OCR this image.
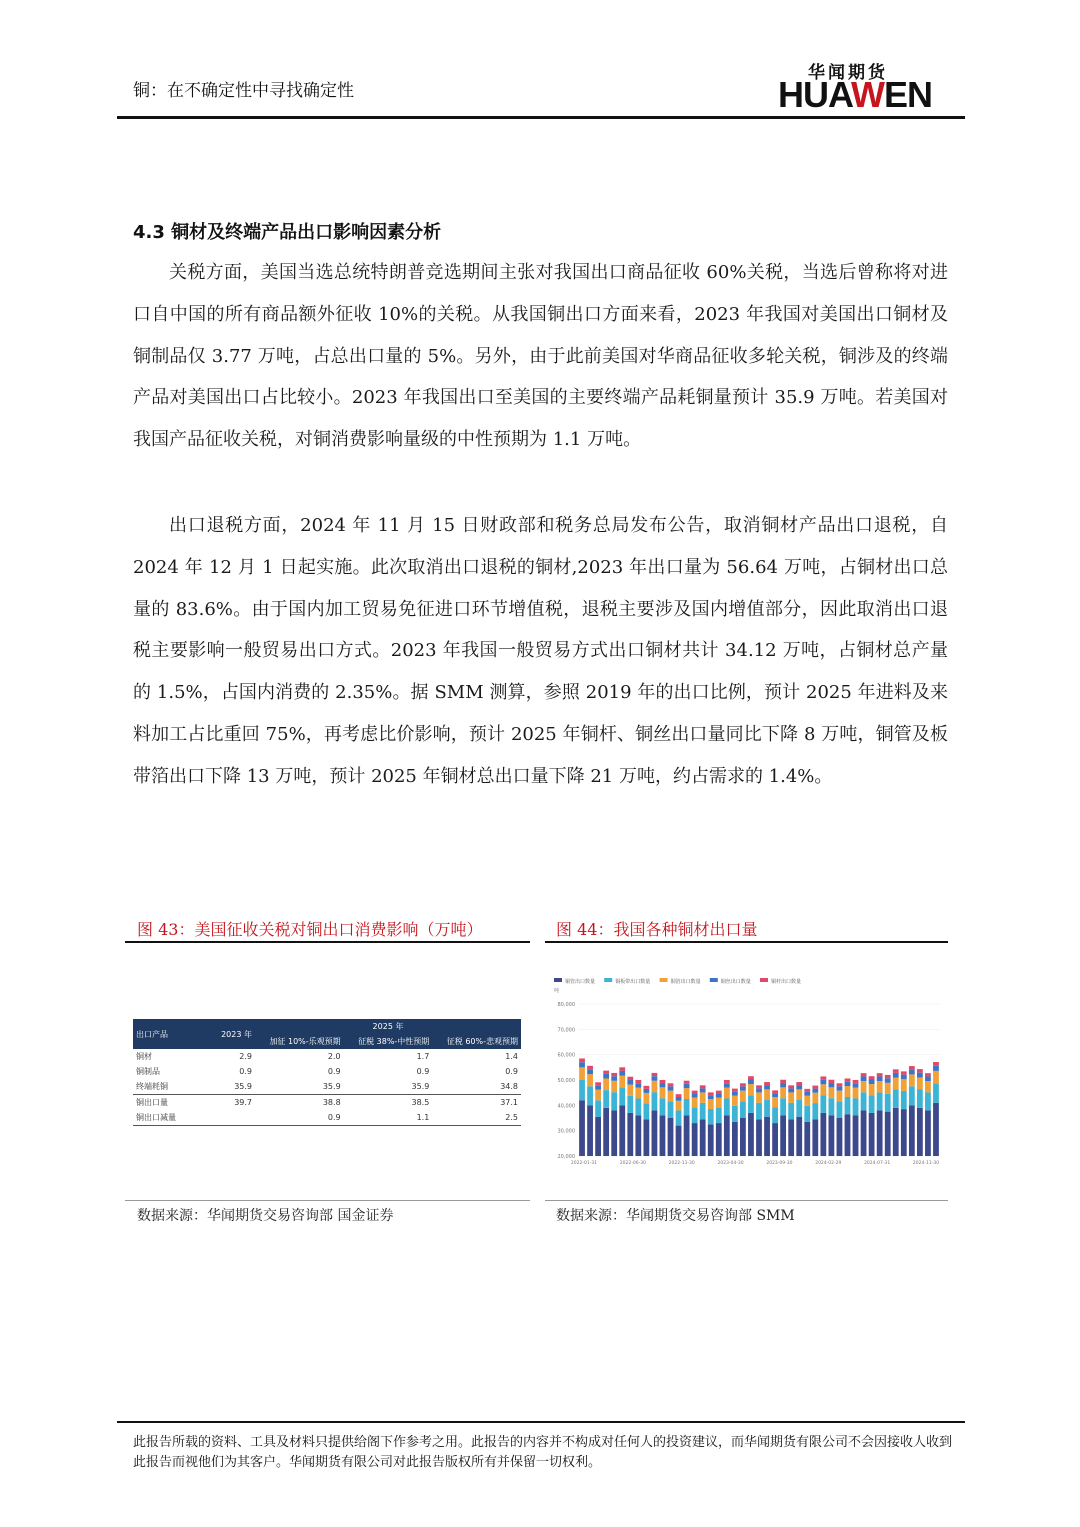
铜：在不确定性中寻找确定性
华闻期货
HUAWEN
4.3 铜材及终端产品出口影响因素分析
关税方面，美国当选总统特朗普竞选期间主张对我国出口商品征收 60%关税，当选后曾称将对进口自中国的所有商品额外征收 10%的关税。从我国铜出口方面来看，2023 年我国对美国出口铜材及铜制品仅 3.77 万吨，占总出口量的 5%。另外，由于此前美国对华商品征收多轮关税，铜涉及的终端产品对美国出口占比较小。2023 年我国出口至美国的主要终端产品耗铜量预计 35.9 万吨。若美国对我国产品征收关税，对铜消费影响量级的中性预期为 1.1 万吨。
出口退税方面，2024 年 11 月 15 日财政部和税务总局发布公告，取消铜材产品出口退税，自 2024 年 12 月 1 日起实施。此次取消出口退税的铜材,2023 年出口量为 56.64 万吨，占铜材出口总量的 83.6%。由于国内加工贸易免征进口环节增值税，退税主要涉及国内增值部分，因此取消出口退税主要影响一般贸易出口方式。2023 年我国一般贸易方式出口铜材共计 34.12 万吨，占铜材总产量的 1.5%，占国内消费的 2.35%。据 SMM 测算，参照 2019 年的出口比例，预计 2025 年进料及来料加工占比重回 75%，再考虑比价影响，预计 2025 年铜杆、铜丝出口量同比下降 8 万吨，铜管及板带箔出口下降 13 万吨，预计 2025 年铜材总出口量下降 21 万吨，约占需求的 1.4%。
图 43：美国征收关税对铜出口消费影响（万吨）
出口产品	2023 年	2025 年		
		加征 10%-乐观预期	征税 38%-中性预期	征税 60%-悲观预期
铜材	2.9	2.0	1.7	1.4
铜制品	0.9	0.9	0.9	0.9
终端耗铜	35.9	35.9	35.9	34.8
铜出口量	39.7	38.8	38.5	37.1
铜出口减量		0.9	1.1	2.5
数据来源：华闻期货交易咨询部 国金证券
图 44：我国各种铜材出口量
铜管出口数量	铜板带出口数量	铜箔出口数量	铜丝出口数量	铜杆出口数量
吨
80,000
70,000
60,000
50,000
40,000
30,000
20,000
2022-01-31	2022-06-30	2022-11-30	2023-04-30	2023-09-30	2024-02-29	2024-07-31	2024-11-30
数据来源：华闻期货交易咨询部 SMM
此报告所载的资料、工具及材料只提供给阁下作参考之用。此报告的内容并不构成对任何人的投资建议，而华闻期货有限公司不会因接收人收到此报告而视他们为其客户。华闻期货有限公司对此报告版权所有并保留一切权利。
